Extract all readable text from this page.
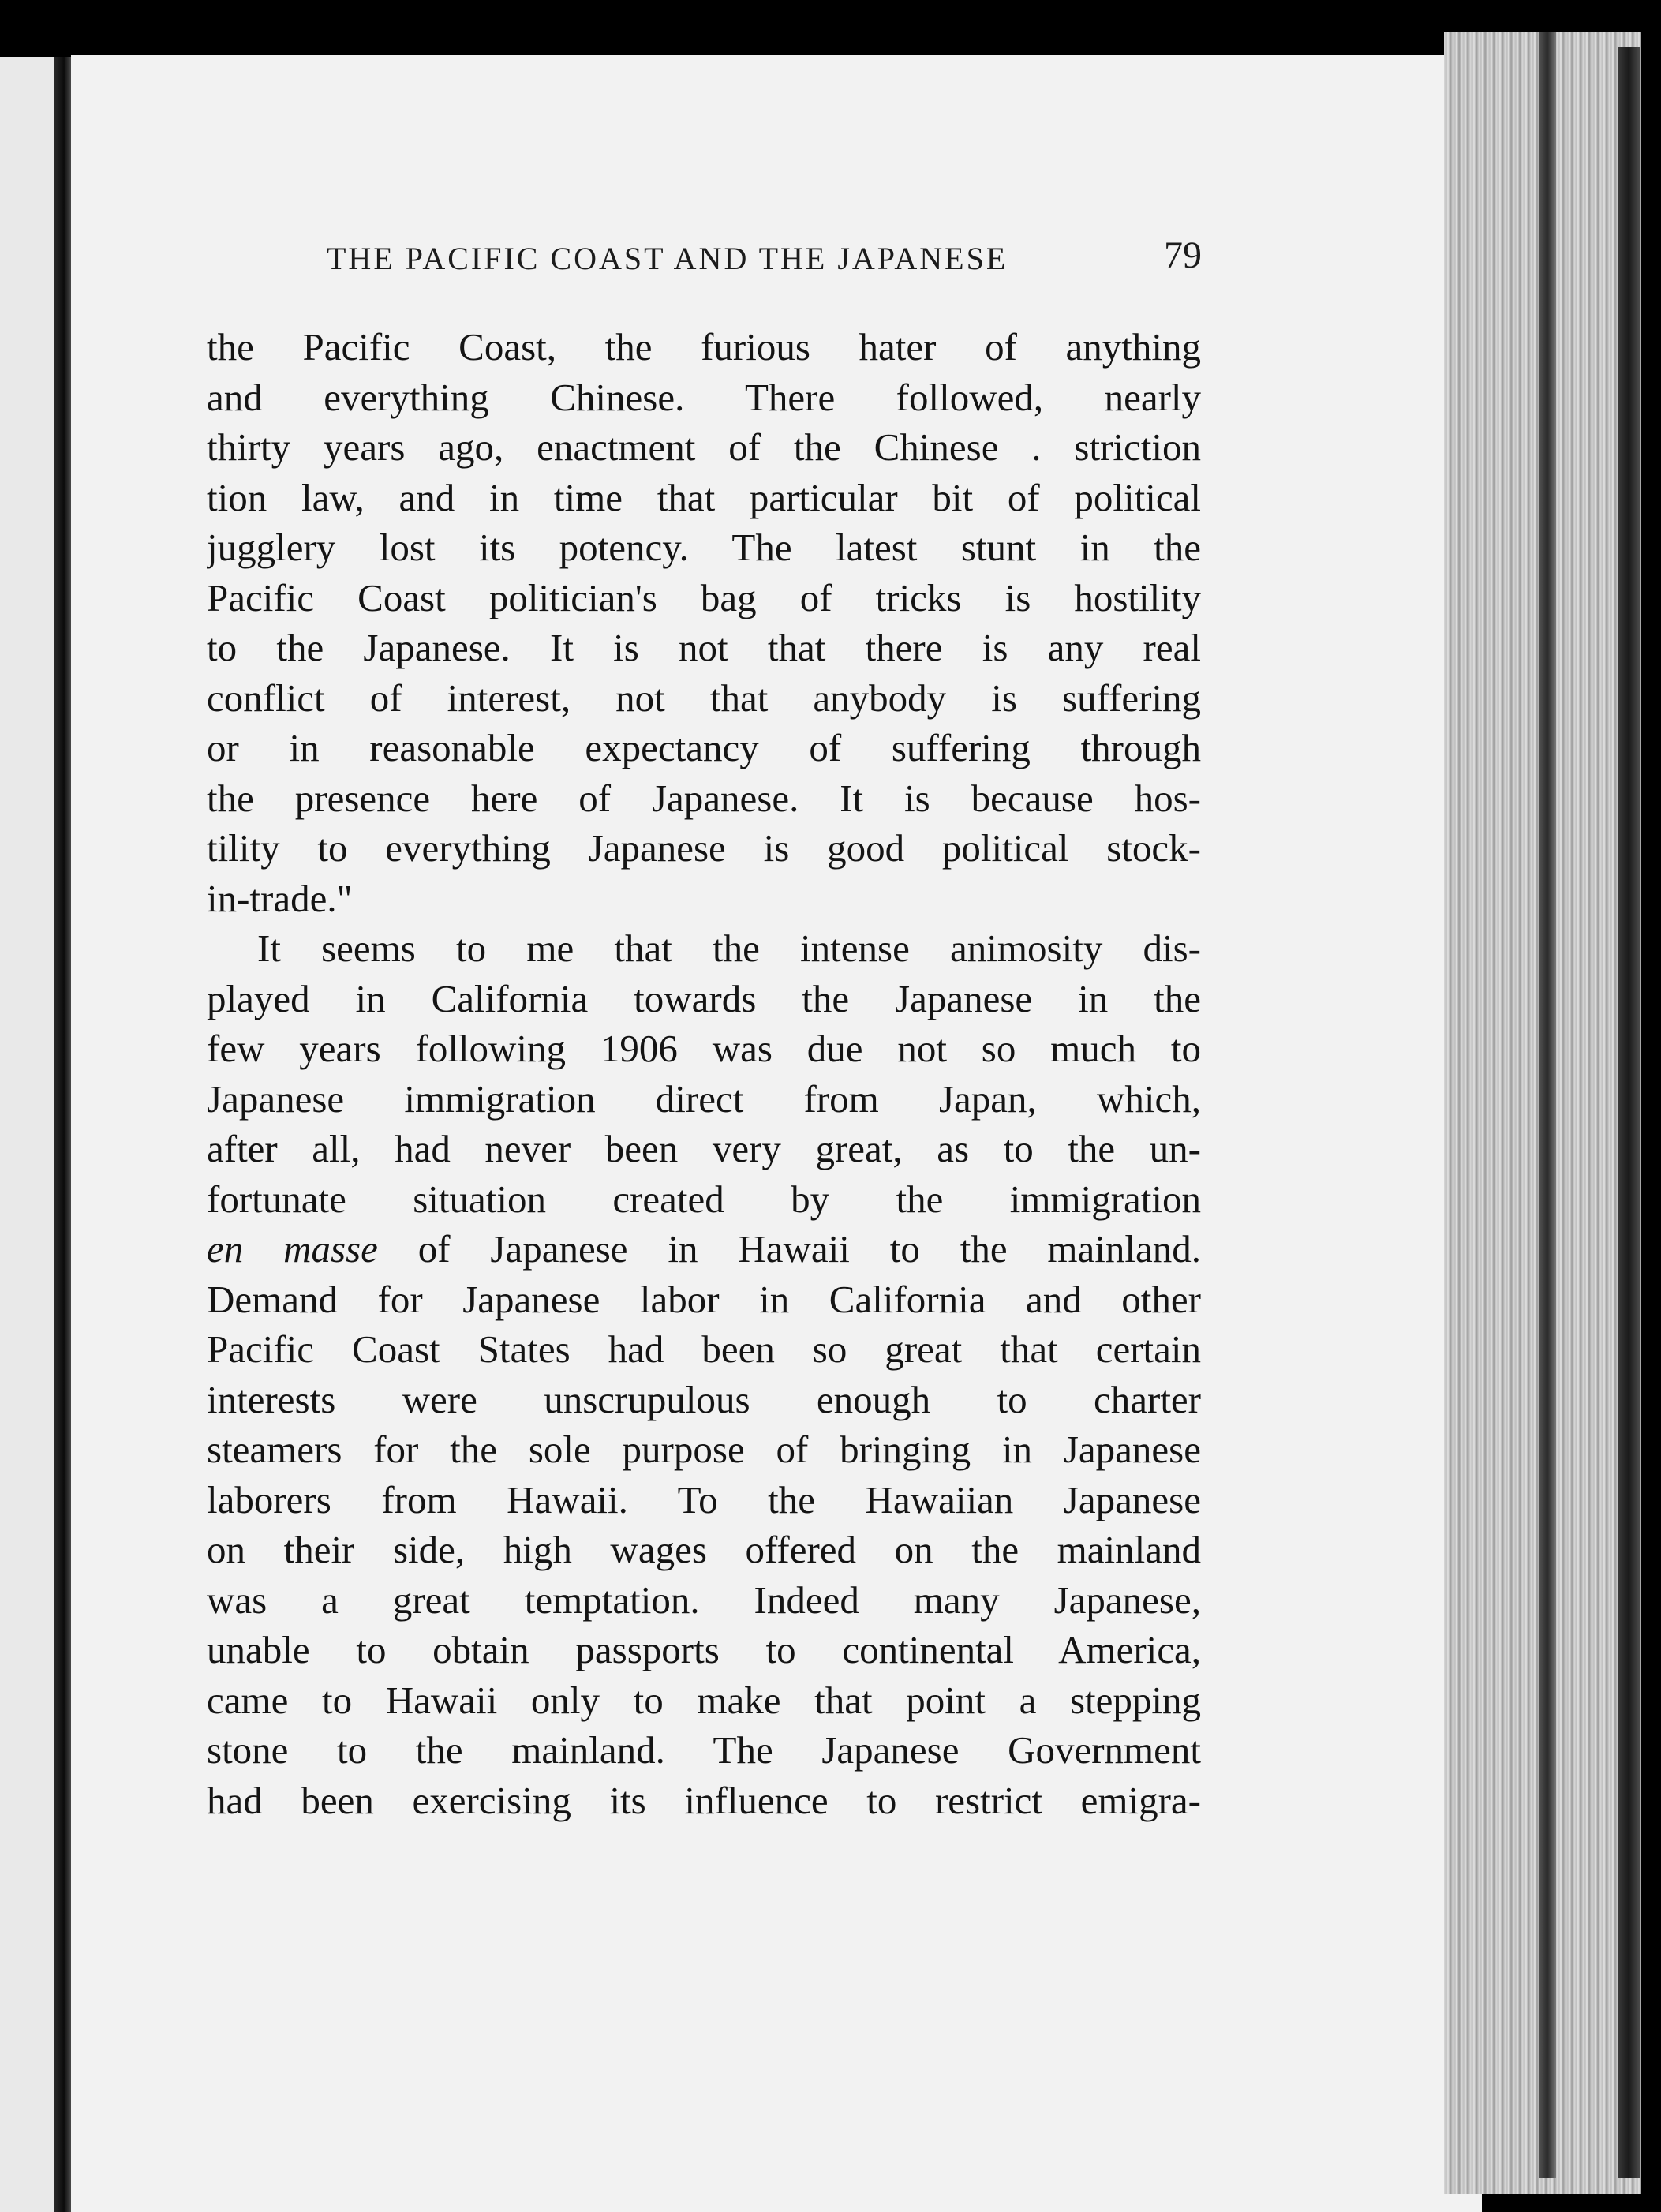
THE PACIFIC COAST AND THE JAPANESE	79
the Pacific Coast, the furious hater of anything
and everything Chinese. There followed, nearly
thirty years ago, enactment of the Chinese . striction
tion law, and in time that particular bit of political
jugglery lost its potency. The latest stunt in the
Pacific Coast politician's bag of tricks is hostility
to the Japanese. It is not that there is any real
conflict of interest, not that anybody is suffering
or in reasonable expectancy of suffering through
the presence here of Japanese. It is because hos-
tility to everything Japanese is good political stock-
in-trade."
It seems to me that the intense animosity dis-
played in California towards the Japanese in the
few years following 1906 was due not so much to
Japanese immigration direct from Japan, which,
after all, had never been very great, as to the un-
fortunate situation created by the immigration
en masse of Japanese in Hawaii to the mainland.
Demand for Japanese labor in California and other
Pacific Coast States had been so great that certain
interests were unscrupulous enough to charter
steamers for the sole purpose of bringing in Japanese
laborers from Hawaii. To the Hawaiian Japanese
on their side, high wages offered on the mainland
was a great temptation. Indeed many Japanese,
unable to obtain passports to continental America,
came to Hawaii only to make that point a stepping
stone to the mainland. The Japanese Government
had been exercising its influence to restrict emigra-
